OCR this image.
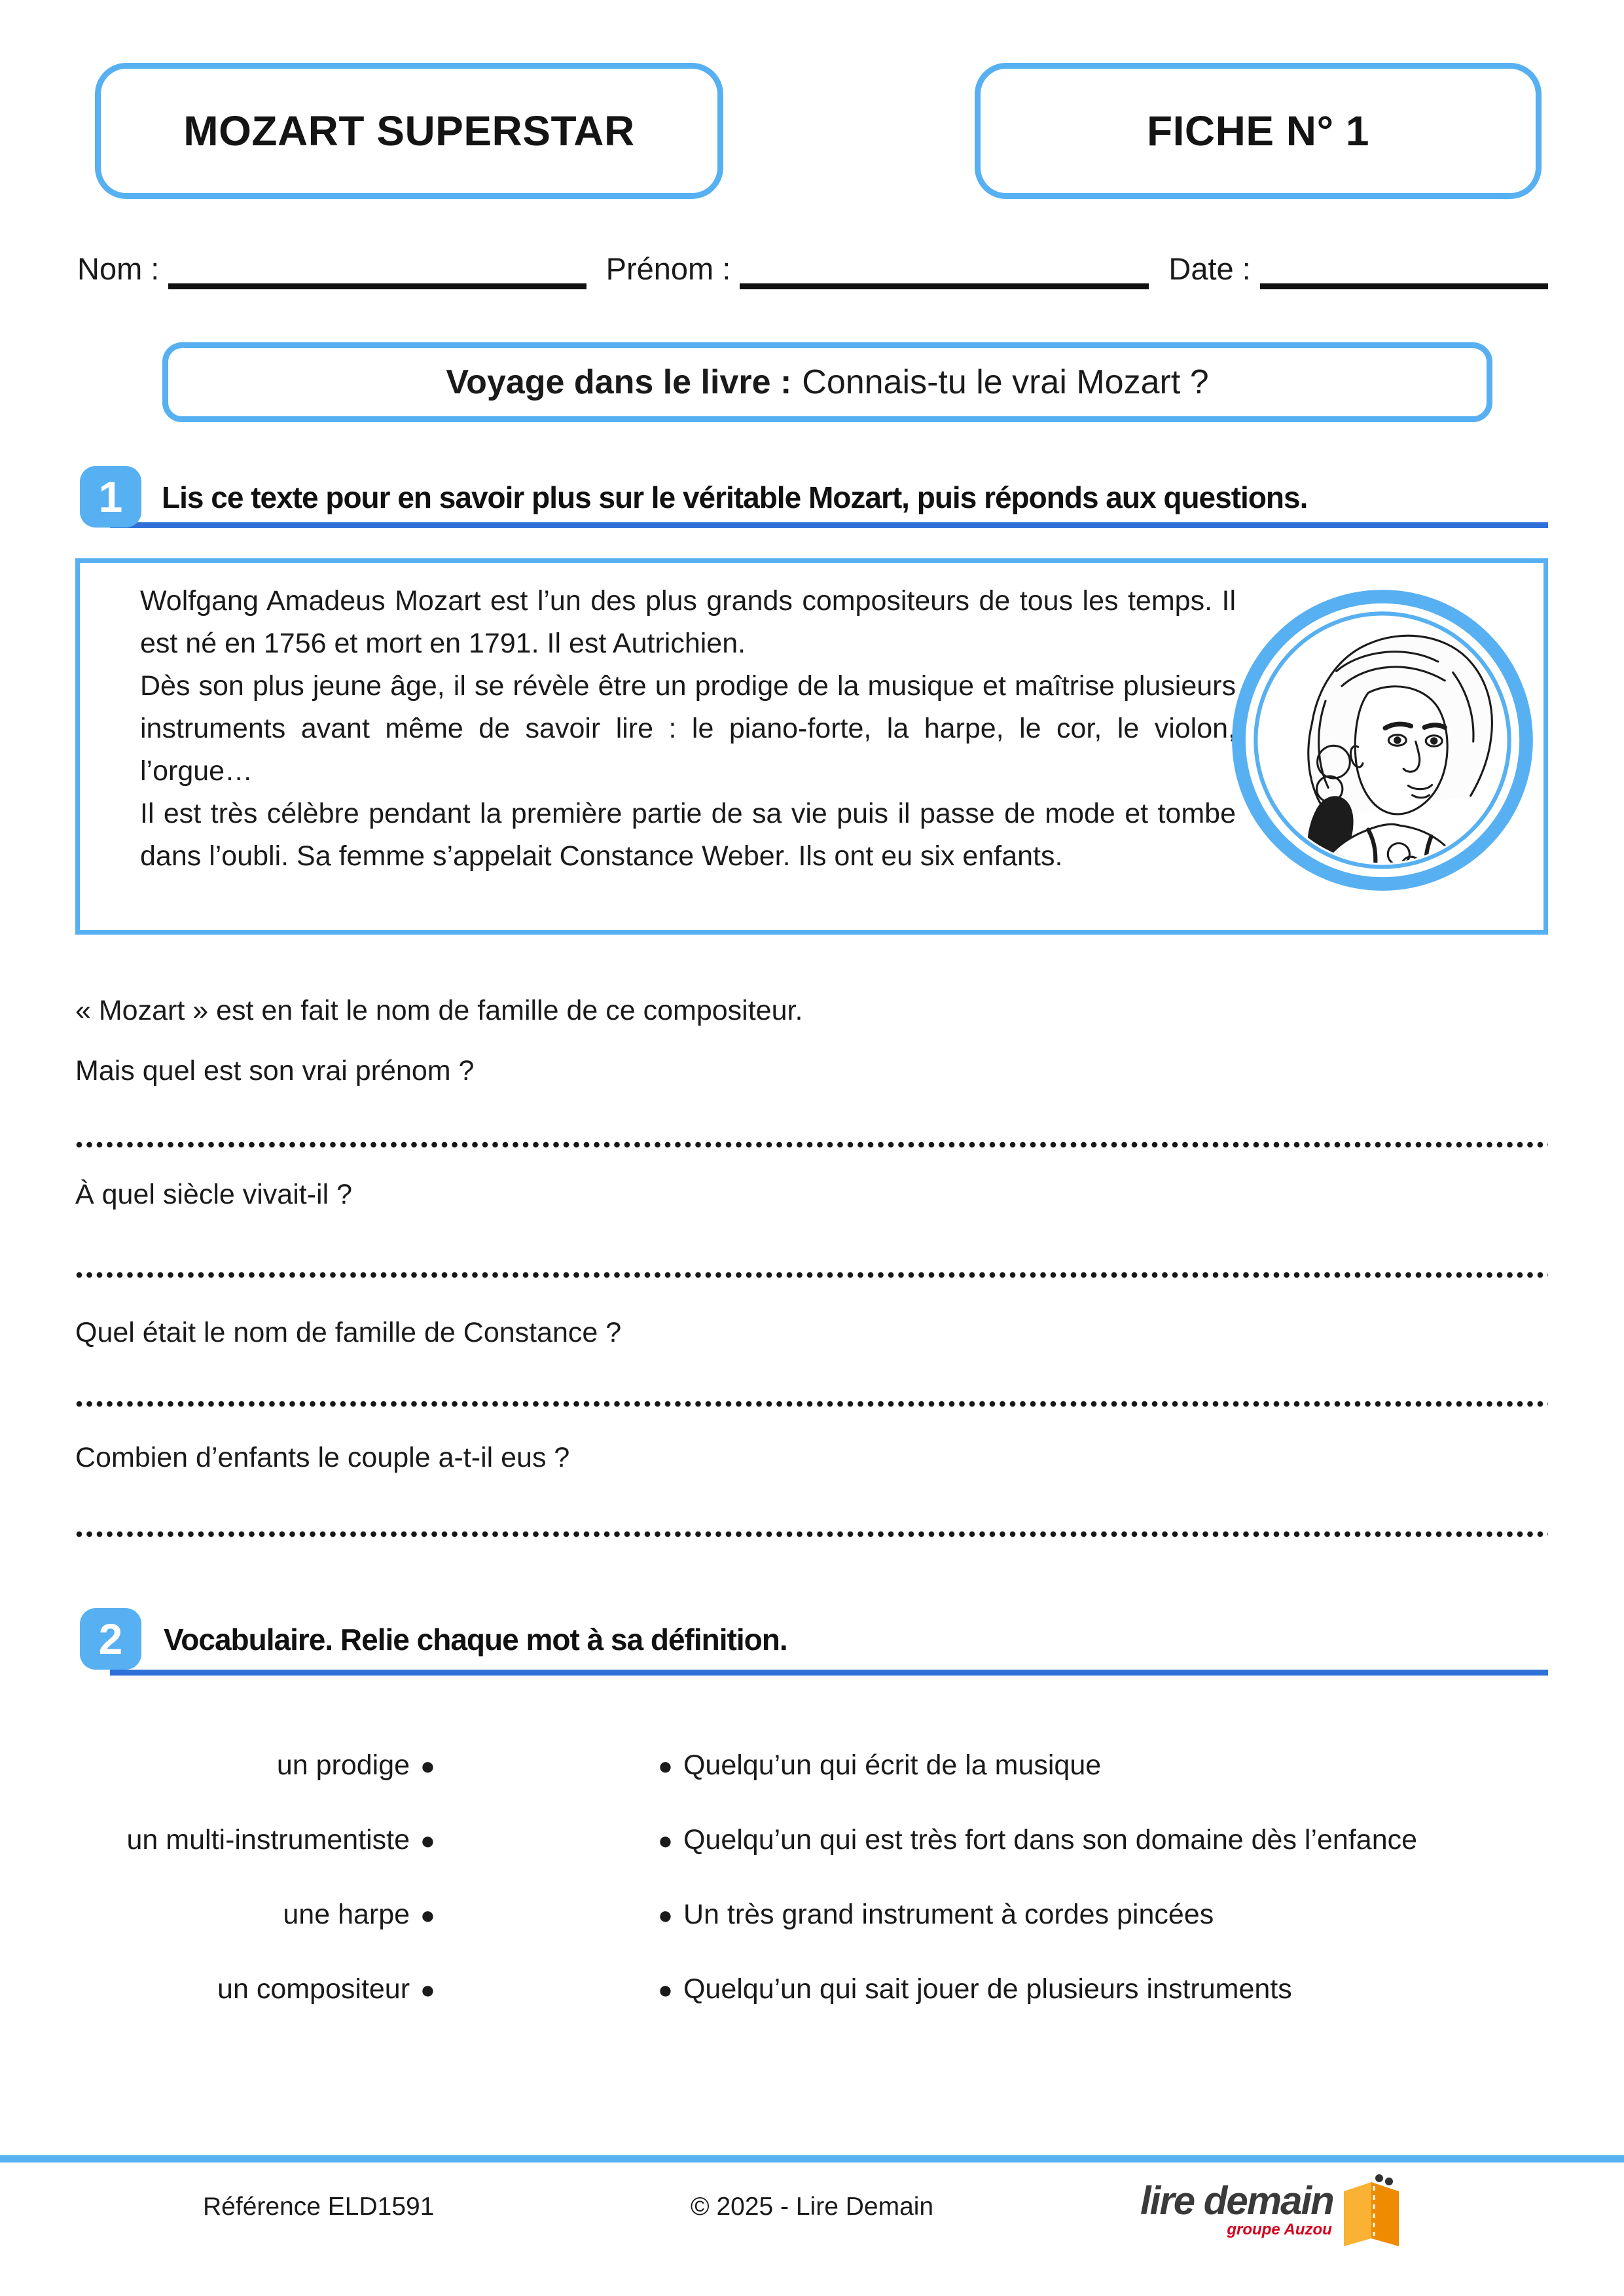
MOZART SUPERSTAR	FICHE N° 1
Nom :	Prénom :	Date :
Voyage dans le livre : Connais-tu le vrai Mozart ?
1	Lis ce texte pour en savoir plus sur le véritable Mozart, puis réponds aux questions.

Wolfgang Amadeus Mozart est l’un des plus grands compositeurs de tous les temps. Il est né en 1756 et mort en 1791. Il est Autrichien.

Dès son plus jeune âge, il se révèle être un prodige de la musique et maîtrise plusieurs instruments avant même de savoir lire : le piano-forte, la harpe, le cor, le violon, l’orgue…

Il est très célèbre pendant la première partie de sa vie puis il passe de mode et tombe dans l’oubli. Sa femme s’appelait Constance Weber. Ils ont eu six enfants.

« Mozart » est en fait le nom de famille de ce compositeur.
Mais quel est son vrai prénom ?
À quel siècle vivait-il ?
Quel était le nom de famille de Constance ?
Combien d’enfants le couple a-t-il eus ?
2	Vocabulaire. Relie chaque mot à sa définition.
un prodige ●	● Quelqu’un qui écrit de la musique
un multi-instrumentiste ●	● Quelqu’un qui est très fort dans son domaine dès l’enfance
une harpe ●	● Un très grand instrument à cordes pincées
un compositeur ●	● Quelqu’un qui sait jouer de plusieurs instruments
Référence ELD1591	© 2025 - Lire Demain	lire demain
groupe Auzou
